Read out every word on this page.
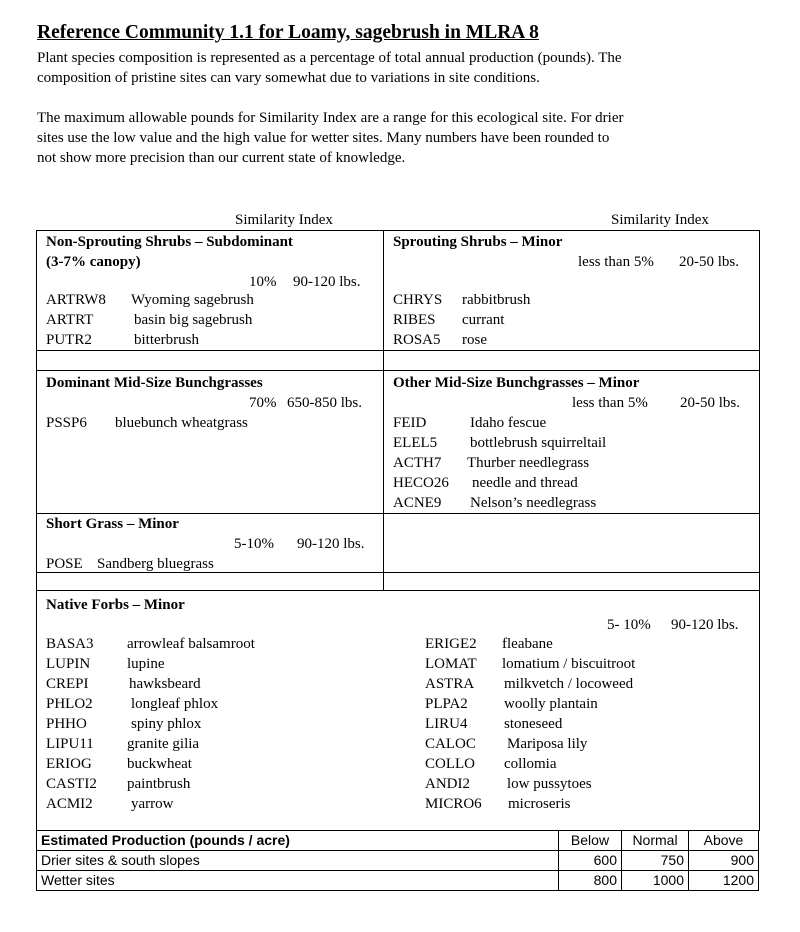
Reference Community 1.1 for Loamy, sagebrush in MLRA 8
Plant species composition is represented as a percentage of total annual production (pounds). The
composition of pristine sites can vary somewhat due to variations in site conditions.
The maximum allowable pounds for Similarity Index are a range for this ecological site. For drier
sites use the low value and the high value for wetter sites. Many numbers have been rounded to
not show more precision than our current state of knowledge.
Similarity Index	Similarity Index
Non-Sprouting Shrubs – Subdominant
(3-7% canopy)
10% 90-120 lbs.
ARTRW8 Wyoming sagebrush
ARTRT	basin big sagebrush
PUTR2	bitterbrush
Sprouting Shrubs – Minor
less than 5% 20-50 lbs.
CHRYS rabbitbrush
RIBES currant
ROSA5 rose
Dominant Mid-Size Bunchgrasses
70% 650-850 lbs.
PSSP6 bluebunch wheatgrass
Other Mid-Size Bunchgrasses – Minor
less than 5% 20-50 lbs.
FEID	Idaho fescue
ELEL5 bottlebrush squirreltail
ACTH7 Thurber needlegrass
HECO26 needle and thread
ACNE9 Nelson’s needlegrass
Short Grass – Minor
5-10% 90-120 lbs.
POSE Sandberg bluegrass
Native Forbs – Minor
5- 10% 90-120 lbs.
BASA3 arrowleaf balsamroot
LUPIN lupine
CREPI	hawksbeard
PHLO2	longleaf phlox
PHHO	spiny phlox
LIPU11 granite gilia
ERIOG buckwheat
CASTI2 paintbrush
ACMI2	yarrow
ERIGE2 fleabane
LOMAT lomatium / biscuitroot
ASTRA milkvetch / locoweed
PLPA2 woolly plantain
LIRU4 stoneseed
CALOC Mariposa lily
COLLO collomia
ANDI2 low pussytoes
MICRO6 microseris
Estimated Production (pounds / acre)	Below	Normal	Above
Drier sites & south slopes	600	750	900
Wetter sites	800	1000	1200
